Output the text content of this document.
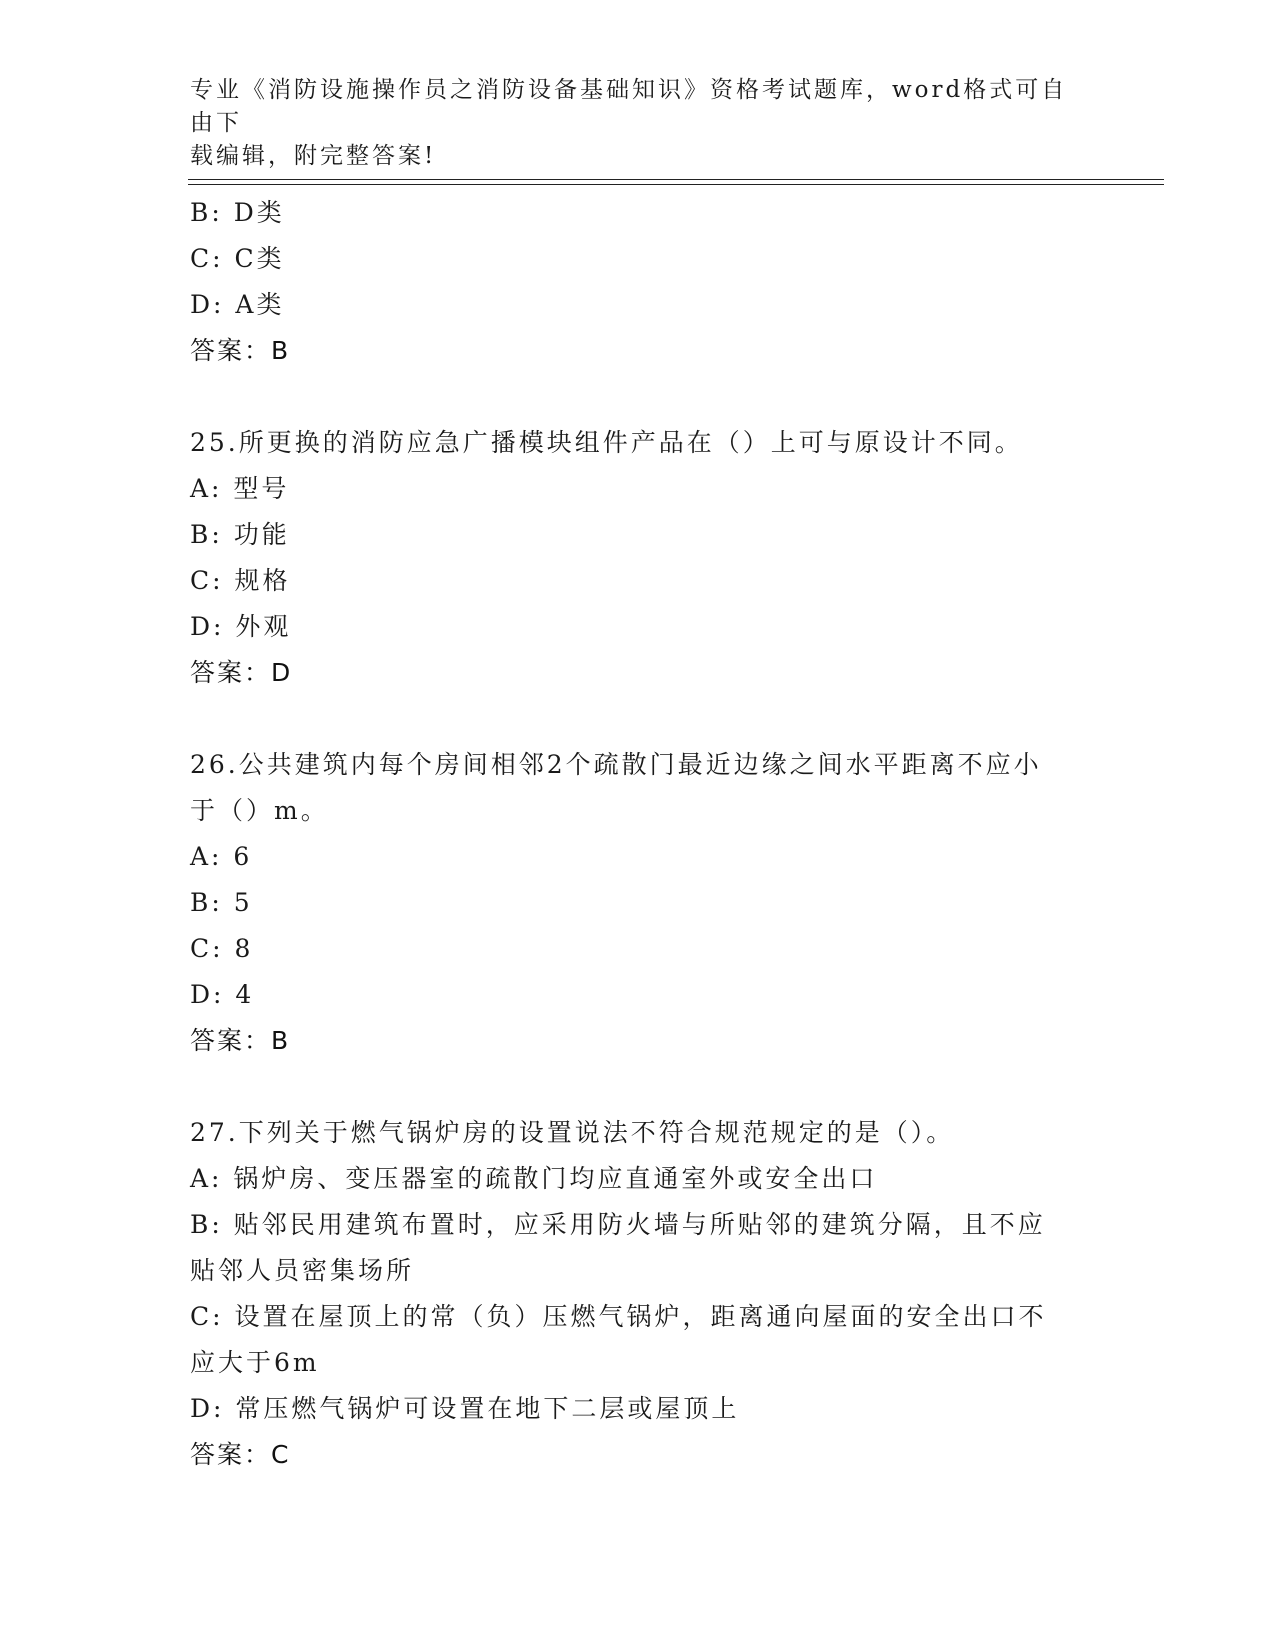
专业《消防设施操作员之消防设备基础知识》资格考试题库，word格式可自由下
载编辑，附完整答案!
B: D类
C: C类
D: A类
答案：B
25.所更换的消防应急广播模块组件产品在（）上可与原设计不同。
A: 型号
B: 功能
C: 规格
D: 外观
答案：D
26.公共建筑内每个房间相邻2个疏散门最近边缘之间水平距离不应小
于（）m。
A: 6
B: 5
C: 8
D: 4
答案：B
27.下列关于燃气锅炉房的设置说法不符合规范规定的是（）。
A: 锅炉房、变压器室的疏散门均应直通室外或安全出口
B: 贴邻民用建筑布置时，应采用防火墙与所贴邻的建筑分隔，且不应
贴邻人员密集场所
C: 设置在屋顶上的常（负）压燃气锅炉，距离通向屋面的安全出口不
应大于6m
D: 常压燃气锅炉可设置在地下二层或屋顶上
答案：C
